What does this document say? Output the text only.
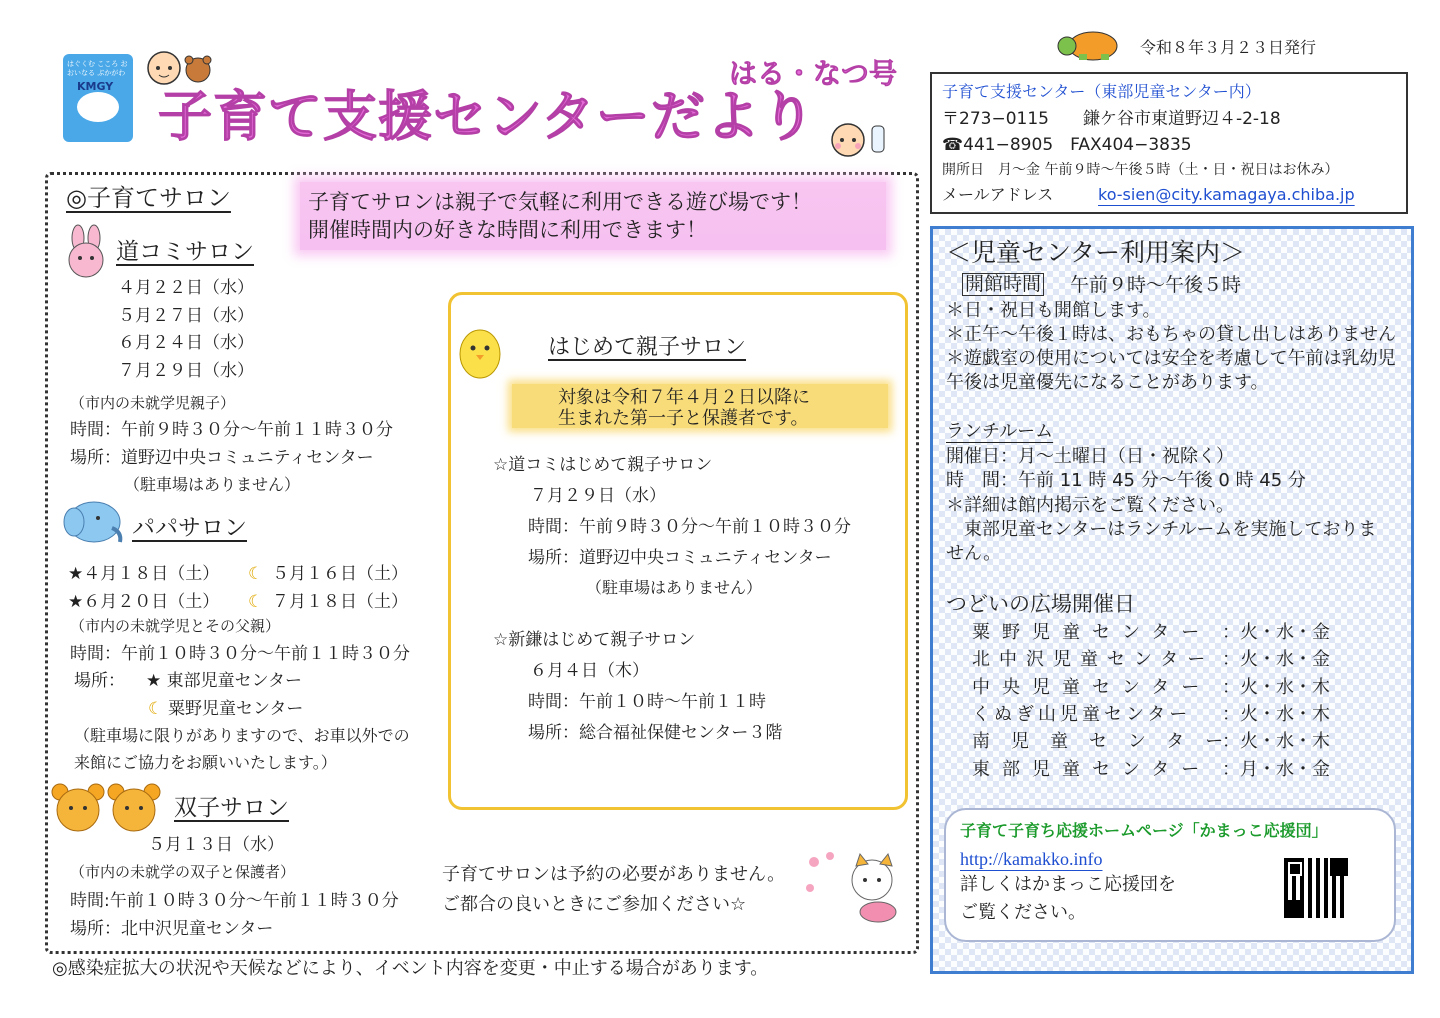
はぐくむ こころ おおいなる ぶかがわ
KMGY 子育て支援センターだより
はる・なつ号
令和８年３月２３日発行
子育て支援センター（東部児童センター内）
〒273−0115　　鎌ケ谷市東道野辺４-2-18
☎441−8905　FAX404−3835
開所日　月～金 午前９時～午後５時（土・日・祝日はお休み）
メールアドレス	ko-sien@city.kamagaya.chiba.jp
◎子育てサロン	子育てサロンは親子で気軽に利用できる遊び場です！
開催時間内の好きな時間に利用できます！
道コミサロン
４月２２日（水）
５月２７日（水）
６月２４日（水）
７月２９日（水）
（市内の未就学児親子）
時間：午前９時３０分～午前１１時３０分
場所：道野辺中央コミュニティセンター
（駐車場はありません）
パパサロン
★４月１８日（土） ☾ ５月１６日（土）
★６月２０日（土） ☾ ７月１８日（土）
（市内の未就学児とその父親）
時間：午前１０時３０分～午前１１時３０分
場所： ★ 東部児童センター
☾ 粟野児童センター
（駐車場に限りがありますので、お車以外での
来館にご協力をお願いいたします。）
双子サロン
５月１３日（水）
（市内の未就学の双子と保護者）
時間:午前１０時３０分～午前１１時３０分
場所：北中沢児童センター
はじめて親子サロン
対象は令和７年４月２日以降に
生まれた第一子と保護者です。
☆道コミはじめて親子サロン
７月２９日（水）
時間：午前９時３０分～午前１０時３０分
場所：道野辺中央コミュニティセンター
（駐車場はありません）
☆新鎌はじめて親子サロン
６月４日（木）
時間：午前１０時～午前１１時
場所：総合福祉保健センター３階
子育てサロンは予約の必要がありません。
ご都合の良いときにご参加ください☆
◎感染症拡大の状況や天候などにより、イベント内容を変更・中止する場合があります。
＜児童センター利用案内＞
開館時間 午前９時～午後５時
＊日・祝日も開館します。
＊正午～午後１時は、おもちゃの貸し出しはありません
＊遊戯室の使用については安全を考慮して午前は乳幼児
午後は児童優先になることがあります。
ランチルーム
開催日：月～土曜日（日・祝除く）
時　間：午前 11 時 45 分～午後 0 時 45 分
＊詳細は館内掲示をご覧ください。
　東部児童センターはランチルームを実施しておりま
せん。
つどいの広場開催日
粟野児童センター ：火・水・金
北中沢児童センター ：火・水・金
中央児童センター ：火・水・木
くぬぎ山児童センター ：火・水・木
南児童センター
：火・水・木
東部児童センター ：月・水・金
子育て子育ち応援ホームページ「かまっこ応援団」
http://kamakko.info
詳しくはかまっこ応援団を
ご覧ください。
